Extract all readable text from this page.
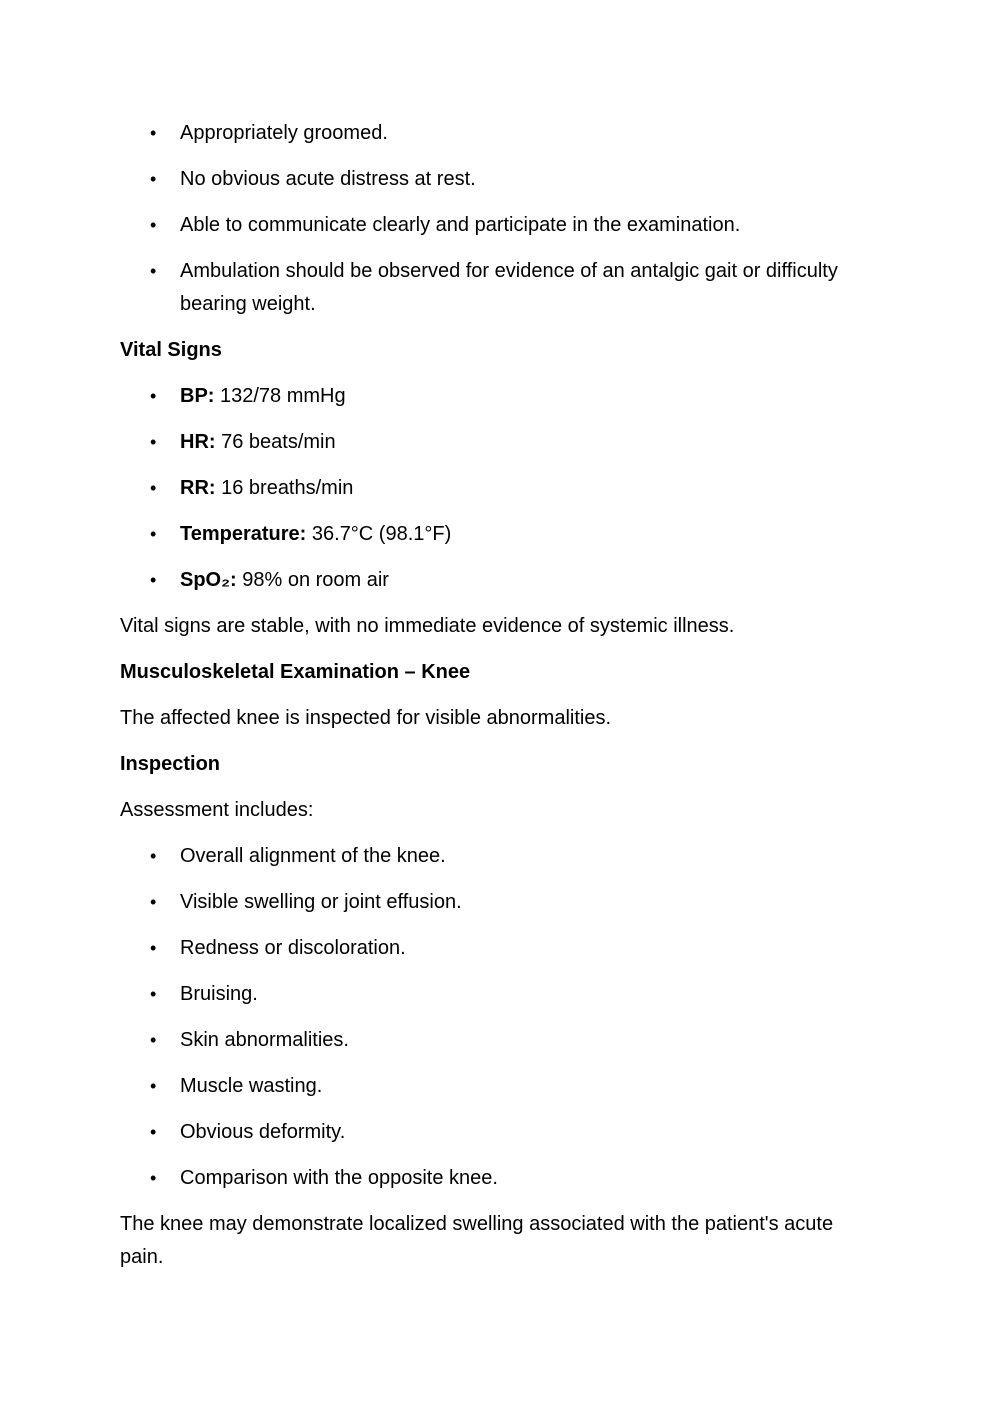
• Appropriately groomed.
• No obvious acute distress at rest.
• Able to communicate clearly and participate in the examination.
• Ambulation should be observed for evidence of an antalgic gait or difficulty bearing weight.
Vital Signs
• BP: 132/78 mmHg
• HR: 76 beats/min
• RR: 16 breaths/min
• Temperature: 36.7°C (98.1°F)
• SpO₂: 98% on room air

Vital signs are stable, with no immediate evidence of systemic illness.

Musculoskeletal Examination – Knee

The affected knee is inspected for visible abnormalities.

Inspection

Assessment includes:

• Overall alignment of the knee.
• Visible swelling or joint effusion.
• Redness or discoloration.
• Bruising.
• Skin abnormalities.
• Muscle wasting.
• Obvious deformity.
• Comparison with the opposite knee.

The knee may demonstrate localized swelling associated with the patient's acute pain.
